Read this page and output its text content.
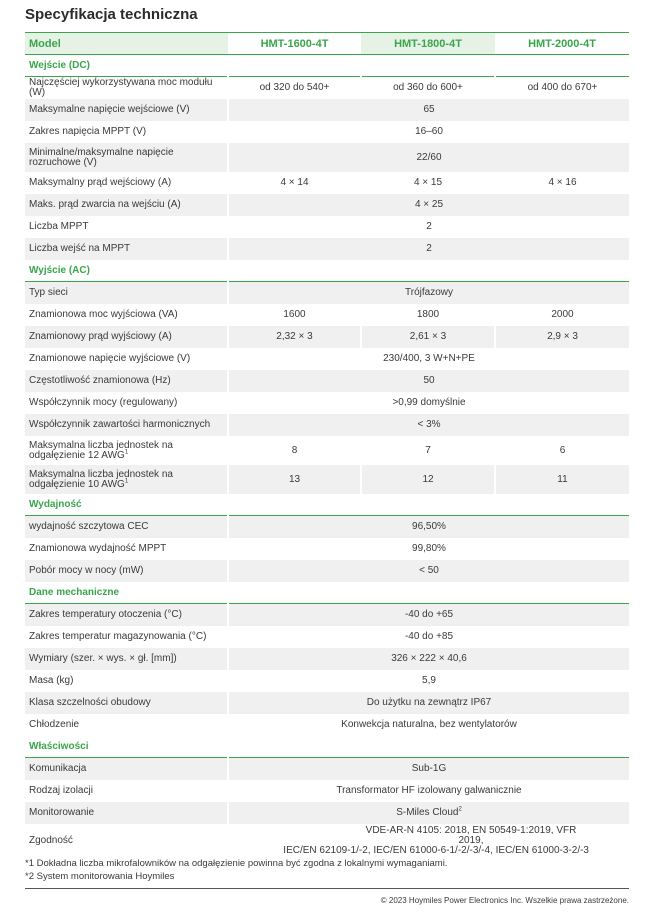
Specyfikacja techniczna
Model	HMT-1600-4T	HMT-1800-4T	HMT-2000-4T
Wejście (DC)			
Najczęściej wykorzystywana moc modułu (W)	od 320 do 540+	od 360 do 600+	od 400 do 670+
Maksymalne napięcie wejściowe (V)	65		
Zakres napięcia MPPT (V)	16–60		
Minimalne/maksymalne napięcie rozruchowe (V)	22/60		
Maksymalny prąd wejściowy (A)	4 × 14	4 × 15	4 × 16
Maks. prąd zwarcia na wejściu (A)	4 × 25		
Liczba MPPT	2		
Liczba wejść na MPPT	2		
Wyjście (AC)			
Typ sieci	Trójfazowy		
Znamionowa moc wyjściowa (VA)	1600	1800	2000
Znamionowy prąd wyjściowy (A)	2,32 × 3	2,61 × 3	2,9 × 3
Znamionowe napięcie wyjściowe (V)	230/400, 3 W+N+PE		
Częstotliwość znamionowa (Hz)	50		
Współczynnik mocy (regulowany)	>0,99 domyślnie		
Współczynnik zawartości harmonicznych	< 3%		
Maksymalna liczba jednostek na odgałęzienie 12 AWG$^1$	8	7	6
Maksymalna liczba jednostek na odgałęzienie 10 AWG$^1$	13	12	11
Wydajność			
wydajność szczytowa CEC	96,50%		
Znamionowa wydajność MPPT	99,80%		
Pobór mocy w nocy (mW)	< 50		
Dane mechaniczne			
Zakres temperatury otoczenia (°C)	-40 do +65		
Zakres temperatur magazynowania (°C)	-40 do +85		
Wymiary (szer. × wys. × gł. [mm])	326 × 222 × 40,6		
Masa (kg)	5,9		
Klasa szczelności obudowy	Do użytku na zewnątrz IP67		
Chłodzenie	Konwekcja naturalna, bez wentylatorów		
Właściwości			
Komunikacja	Sub-1G		
Rodzaj izolacji	Transformator HF izolowany galwanicznie		
Monitorowanie	S-Miles Cloud$^2$
Zgodność	VDE-AR-N 4105: 2018, EN 50549-1:2019, VFR 2019,
IEC/EN 62109-1/-2, IEC/EN 61000-6-1/-2/-3/-4, IEC/EN 61000-3-2/-3		
*1 Dokładna liczba mikrofalowników na odgałęzienie powinna być zgodna z lokalnymi wymaganiami.
*2 System monitorowania Hoymiles
© 2023 Hoymiles Power Electronics Inc. Wszelkie prawa zastrzeżone.
